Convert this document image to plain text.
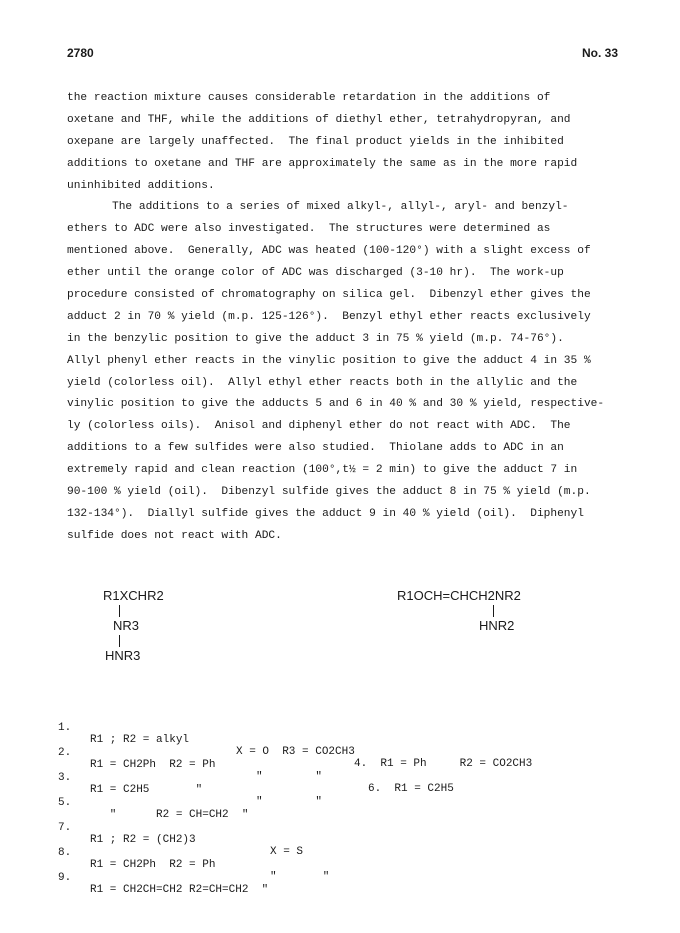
2780	No. 33
the reaction mixture causes considerable retardation in the additions of
oxetane and THF, while the additions of diethyl ether, tetrahydropyran, and
oxepane are largely unaffected.  The final product yields in the inhibited
additions to oxetane and THF are approximately the same as in the more rapid
uninhibited additions.
The additions to a series of mixed alkyl-, allyl-, aryl- and benzyl-
ethers to ADC were also investigated.  The structures were determined as
mentioned above.  Generally, ADC was heated (100-120°) with a slight excess of
ether until the orange color of ADC was discharged (3-10 hr).  The work-up
procedure consisted of chromatography on silica gel.  Dibenzyl ether gives the
adduct 2 in 70 % yield (m.p. 125-126°).  Benzyl ethyl ether reacts exclusively
in the benzylic position to give the adduct 3 in 75 % yield (m.p. 74-76°).
Allyl phenyl ether reacts in the vinylic position to give the adduct 4 in 35 %
yield (colorless oil).  Allyl ethyl ether reacts both in the allylic and the
vinylic position to give the adducts 5 and 6 in 40 % and 30 % yield, respective-
ly (colorless oils).  Anisol and diphenyl ether do not react with ADC.  The
additions to a few sulfides were also studied.  Thiolane adds to ADC in an
extremely rapid and clean reaction (100°,t½ = 2 min) to give the adduct 7 in
90-100 % yield (oil).  Dibenzyl sulfide gives the adduct 8 in 75 % yield (m.p.
132-134°).  Diallyl sulfide gives the adduct 9 in 40 % yield (oil).  Diphenyl
sulfide does not react with ADC.
R1XCHR2
NR3
HNR3
R1OCH=CHCH2NR2
HNR2

1.

R1 ; R2 = alkyl

X = O  R3 = CO2CH3

4.  R1 = Ph     R2 = CO2CH3

2.

R1 = CH2Ph  R2 = Ph

"        "

6.  R1 = C2H5

3.

R1 = C2H5       "

"        "

5.

"      R2 = CH=CH2  "

7.

R1 ; R2 = (CH2)3

X = S

8.

R1 = CH2Ph  R2 = Ph

"       "

9.

R1 = CH2CH=CH2 R2=CH=CH2  "
